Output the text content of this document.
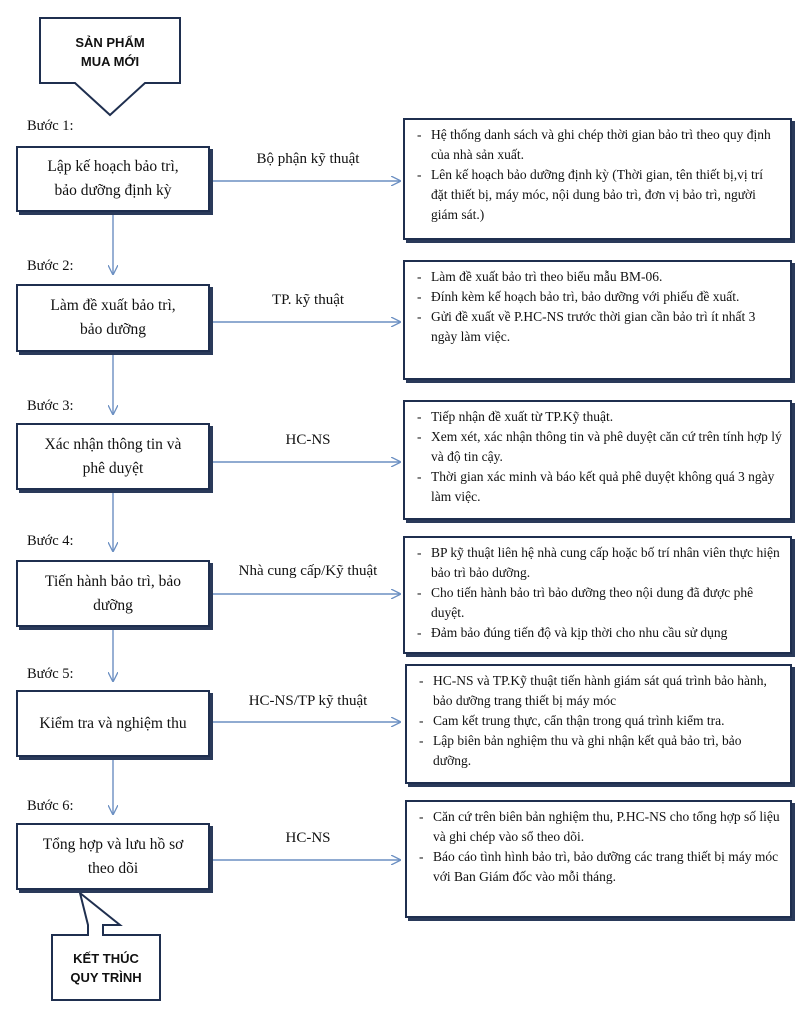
SẢN PHẨM
MUA MỚI
KẾT THÚC
QUY TRÌNH
Bước 1:
Lập kế hoạch bảo trì,
bảo dưỡng định kỳ
Bộ phận kỹ thuật
- Hệ thống danh sách và ghi chép thời gian bảo trì theo quy định của nhà sản xuất.
- Lên kế hoạch bảo dưỡng định kỳ (Thời gian, tên thiết bị,vị trí đặt thiết bị, máy móc, nội dung bảo trì, đơn vị bảo trì, người giám sát.)
Bước 2:
Làm đề xuất bảo trì,
bảo dưỡng
TP. kỹ thuật
- Làm đề xuất bảo trì theo biểu mẫu BM-06.
- Đính kèm kế hoạch bảo trì, bảo dưỡng với phiếu đề xuất.
- Gửi đề xuất về P.HC-NS trước thời gian cần bảo trì ít nhất 3 ngày làm việc.
Bước 3:
Xác nhận thông tin và
phê duyệt
HC-NS
- Tiếp nhận đề xuất từ TP.Kỹ thuật.
- Xem xét, xác nhận thông tin và phê duyệt căn cứ trên tính hợp lý và độ tin cậy.
- Thời gian xác minh và báo kết quả phê duyệt không quá 3 ngày làm việc.
Bước 4:
Tiến hành bảo trì, bảo
dưỡng
Nhà cung cấp/Kỹ thuật
- BP kỹ thuật liên hệ nhà cung cấp hoặc bố trí nhân viên thực hiện bảo trì bảo dưỡng.
- Cho tiến hành bảo trì bảo dưỡng theo nội dung đã được phê duyệt.
- Đảm bảo đúng tiến độ và kịp thời cho nhu cầu sử dụng
Bước 5:
Kiểm tra và nghiệm thu
HC-NS/TP kỹ thuật
- HC-NS và TP.Kỹ thuật tiến hành giám sát quá trình bảo hành, bảo dưỡng trang thiết bị máy móc
- Cam kết trung thực, cẩn thận trong quá trình kiểm tra.
- Lập biên bản nghiệm thu và ghi nhận kết quả bảo trì, bảo dưỡng.
Bước 6:
Tổng hợp và lưu hồ sơ
theo dõi
HC-NS
- Căn cứ trên biên bản nghiệm thu, P.HC-NS cho tổng hợp số liệu và ghi chép vào sổ theo dõi.
- Báo cáo tình hình bảo trì, bảo dưỡng các trang thiết bị máy móc với Ban Giám đốc vào mỗi tháng.
